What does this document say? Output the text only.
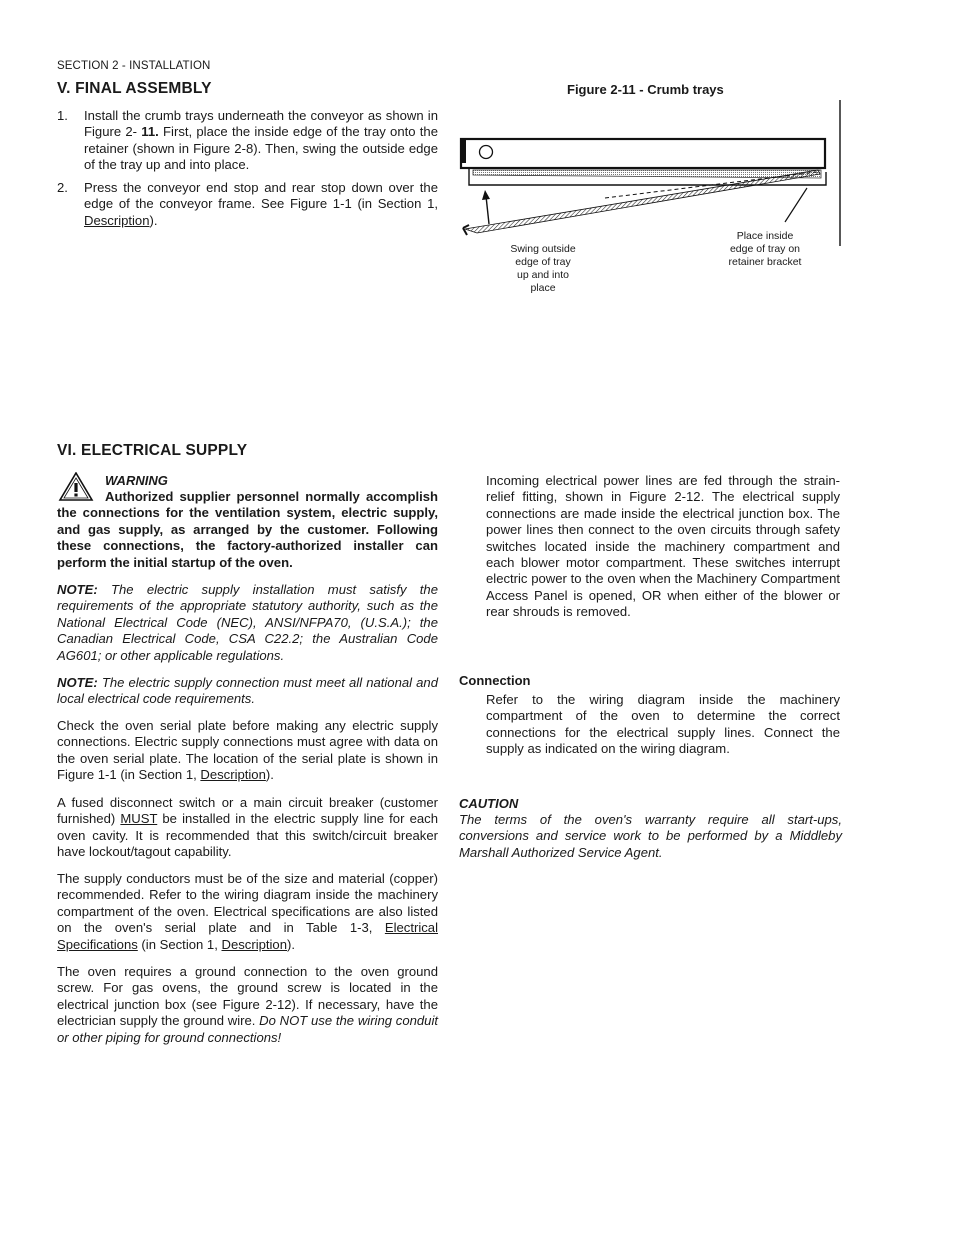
SECTION 2 - INSTALLATION
V. FINAL ASSEMBLY
1. Install the crumb trays underneath the conveyor as shown in Figure 2- 11. First, place the inside edge of the tray onto the retainer (shown in Figure 2-8). Then, swing the outside edge of the tray up and into place.
2. Press the conveyor end stop and rear stop down over the edge of the conveyor frame. See Figure 1-1 (in Section 1, Description).
Figure 2-11 - Crumb trays
Swing outside
edge of tray
up and into
place
Place inside
edge of tray on
retainer bracket
VI. ELECTRICAL SUPPLY
WARNING
Authorized supplier personnel normally accomplish the connections for the ventilation system, electric supply, and gas supply, as arranged by the customer. Following these connections, the factory-authorized installer can perform the initial startup of the oven.
NOTE: The electric supply installation must satisfy the requirements of the appropriate statutory authority, such as the National Electrical Code (NEC), ANSI/NFPA70, (U.S.A.); the Canadian Electrical Code, CSA C22.2; the Australian Code AG601; or other applicable regulations.
NOTE: The electric supply connection must meet all national and local electrical code requirements.
Check the oven serial plate before making any electric supply connections. Electric supply connections must agree with data on the oven serial plate. The location of the serial plate is shown in Figure 1-1 (in Section 1, Description).
A fused disconnect switch or a main circuit breaker (customer furnished) MUST be installed in the electric supply line for each oven cavity. It is recommended that this switch/circuit breaker have lockout/tagout capability.
The supply conductors must be of the size and material (copper) recommended. Refer to the wiring diagram inside the machinery compartment of the oven. Electrical specifications are also listed on the oven's serial plate and in Table 1-3, Electrical Specifications (in Section 1, Description).
The oven requires a ground connection to the oven ground screw. For gas ovens, the ground screw is located in the electrical junction box (see Figure 2-12). If necessary, have the electrician supply the ground wire. Do NOT use the wiring conduit or other piping for ground connections!
Incoming electrical power lines are fed through the strain-relief fitting, shown in Figure 2-12. The electrical supply connections are made inside the electrical junction box. The power lines then connect to the oven circuits through safety switches located inside the machinery compartment and each blower motor compartment. These switches interrupt electric power to the oven when the Machinery Compartment Access Panel is opened, OR when either of the blower or rear shrouds is removed.
Connection
Refer to the wiring diagram inside the machinery compartment of the oven to determine the correct connections for the electrical supply lines. Connect the supply as indicated on the wiring diagram.
CAUTION
The terms of the oven's warranty require all start-ups, conversions and service work to be performed by a Middleby Marshall Authorized Service Agent.
